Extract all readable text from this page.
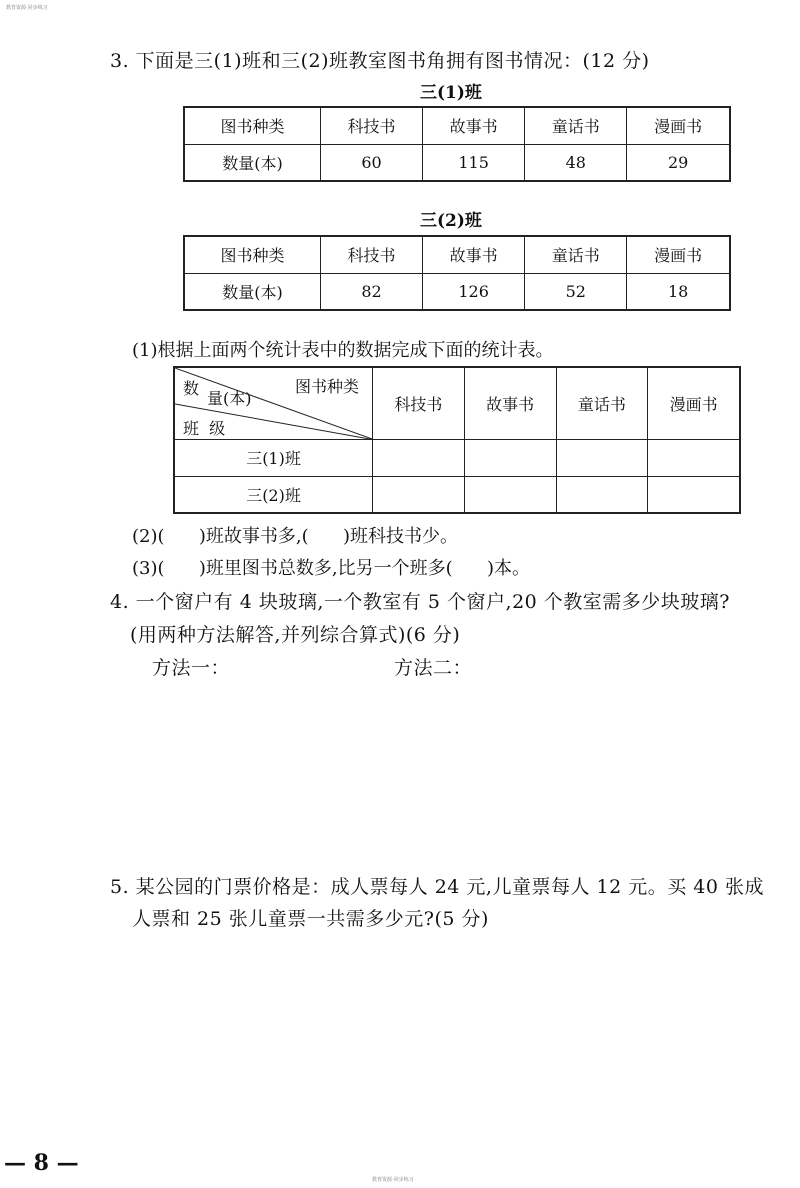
教育资源·同步练习
3. 下面是三(1)班和三(2)班教室图书角拥有图书情况：(12 分)
三(1)班
图书种类	科技书	故事书	童话书	漫画书
数量(本)	60	115	48	29
三(2)班
图书种类	科技书	故事书	童话书	漫画书
数量(本)	82	126	52	18
(1)根据上面两个统计表中的数据完成下面的统计表。
图书种类
数
量(本)
班  级	科技书	故事书	童话书	漫画书
三(1)班				
三(2)班				
(2)(      )班故事书多,(      )班科技书少。
(3)(      )班里图书总数多,比另一个班多(      )本。
4. 一个窗户有 4 块玻璃,一个教室有 5 个窗户,20 个教室需多少块玻璃?
(用两种方法解答,并列综合算式)(6 分)
方法一：	方法二：
5. 某公园的门票价格是：成人票每人 24 元,儿童票每人 12 元。买 40 张成
人票和 25 张儿童票一共需多少元?(5 分)
— 8 —
教育资源·同步练习
